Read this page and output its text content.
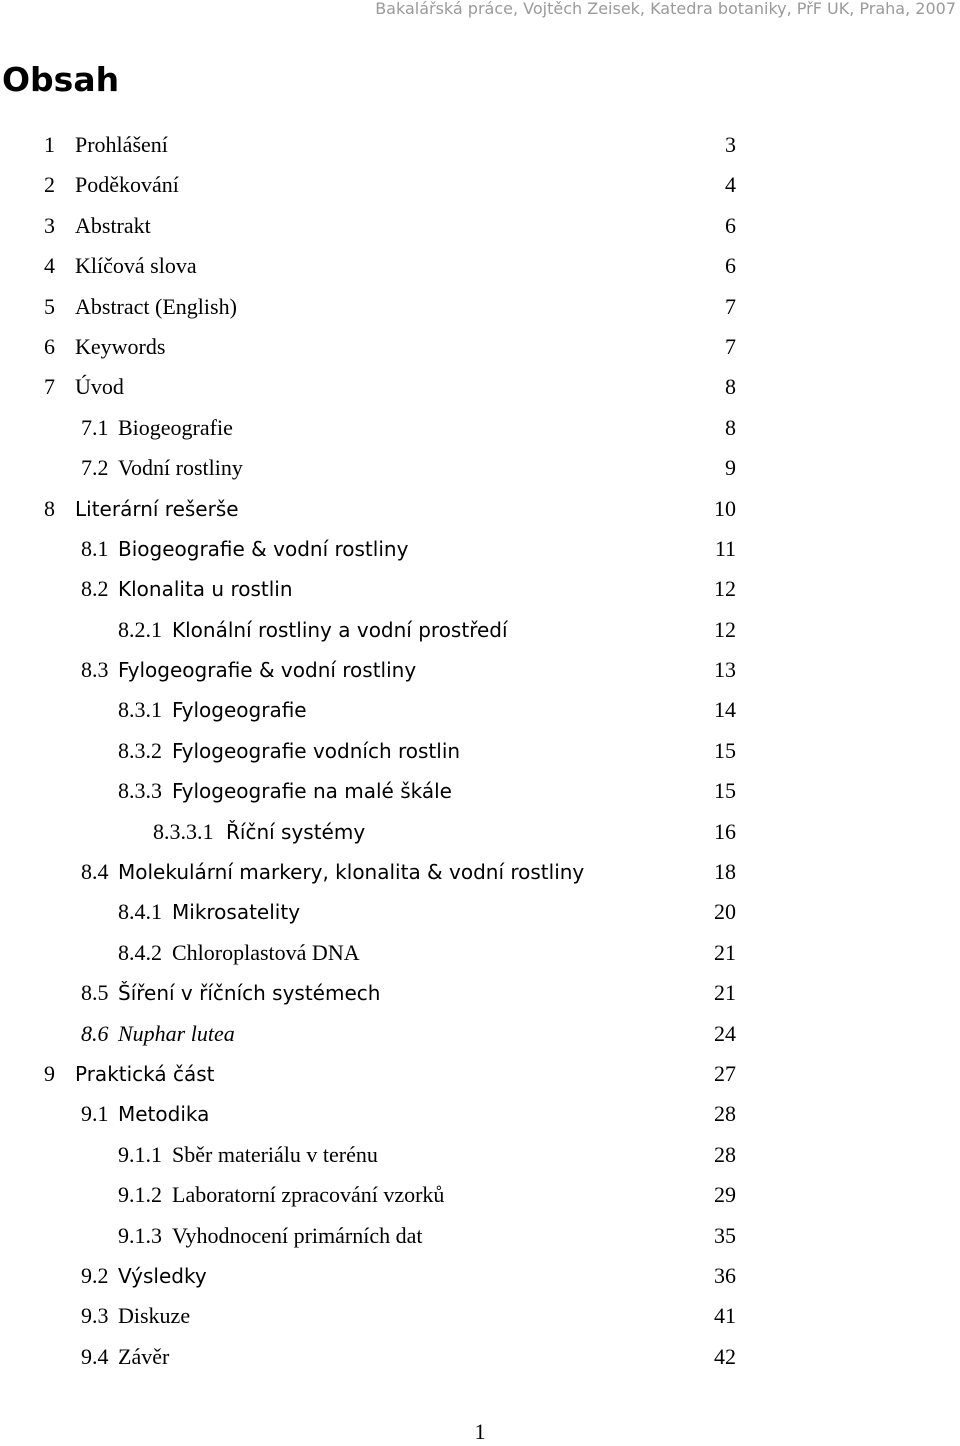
Bakalářská práce, Vojtěch Zeisek, Katedra botaniky, PřF UK, Praha, 2007
Obsah
1 Prohlášení	3
2 Poděkování	4
3 Abstrakt	6
4 Klíčová slova	6
5 Abstract (English)	7
6 Keywords	7
7 Úvod	8
7.1 Biogeografie	8
7.2 Vodní rostliny	9
8 Literární rešerše	10
8.1 Biogeografie & vodní rostliny	11
8.2 Klonalita u rostlin	12
8.2.1 Klonální rostliny a vodní prostředí	12
8.3 Fylogeografie & vodní rostliny	13
8.3.1 Fylogeografie	14
8.3.2 Fylogeografie vodních rostlin	15
8.3.3 Fylogeografie na malé škále	15
8.3.3.1 Říční systémy	16
8.4 Molekulární markery, klonalita & vodní rostliny	18
8.4.1 Mikrosatelity	20
8.4.2 Chloroplastová DNA	21
8.5 Šíření v říčních systémech	21
8.6 Nuphar lutea	24
9 Praktická část	27
9.1 Metodika	28
9.1.1 Sběr materiálu v terénu	28
9.1.2 Laboratorní zpracování vzorků	29
9.1.3 Vyhodnocení primárních dat	35
9.2 Výsledky	36
9.3 Diskuze	41
9.4 Závěr	42
1
